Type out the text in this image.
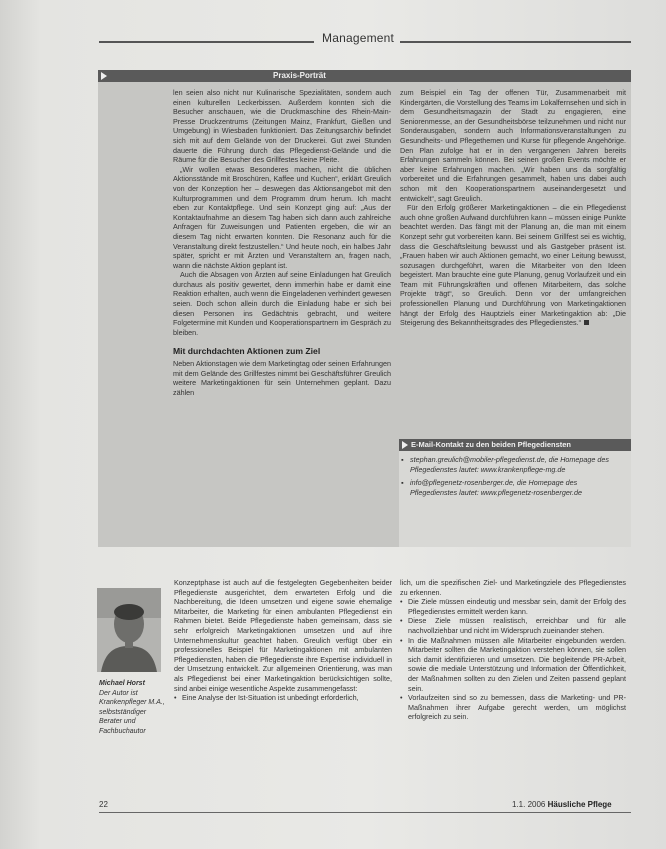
Management
Praxis-Porträt

len seien also nicht nur Kulinarische Spezialitäten, sondern auch einen kulturellen Leckerbissen. Außerdem konnten sich die Besucher anschauen, wie die Druckmaschine des Rhein-Main-Presse Druckzentrums (Zeitungen Mainz, Frankfurt, Gießen und Umgebung) in Wiesbaden funktioniert. Das Zeitungsarchiv befindet sich mit auf dem Gelände von der Druckerei. Gut zwei Stunden dauerte die Führung durch das Pflegedienst-Gelände und die Räume für die Besucher des Grillfestes keine Pleite.

„Wir wollen etwas Besonderes machen, nicht die üblichen Aktionsstände mit Broschüren, Kaffee und Kuchen“, erklärt Greulich von der Konzeption her – deswegen das Aktionsangebot mit den Kulturprogrammen und dem Programm drum herum. Ich macht eben zur Kontaktpflege. Und sein Konzept ging auf: „Aus der Kontaktaufnahme an diesem Tag haben sich dann auch zahlreiche Anfragen für Zuweisungen und Patienten ergeben, die wir an diesem Tag nicht erwarten konnten. Die Resonanz auch für die Veranstaltung direkt festzustellen.“ Und heute noch, ein halbes Jahr später, spricht er mit Ärzten und Veranstaltern an, fragen nach, wann die nächste Aktion geplant ist.

Auch die Absagen von Ärzten auf seine Einladungen hat Greulich durchaus als positiv gewertet, denn immerhin habe er damit eine Reaktion erhalten, auch wenn die Eingeladenen verhindert gewesen seien. Doch schon allein durch die Einladung habe er sich bei diesen Personen ins Gedächtnis gebracht, und weitere Folgetermine mit Kunden und Kooperationspartnern im Gespräch zu bleiben.

Mit durchdachten Aktionen zum Ziel

Neben Aktionstagen wie dem Marketingtag oder seinen Erfahrungen mit dem Gelände des Grillfestes nimmt bei Geschäftsführer Greulich weitere Marketingaktionen für sein Unternehmen geplant. Dazu zählen

zum Beispiel ein Tag der offenen Tür, Zusammenarbeit mit Kindergärten, die Vorstellung des Teams im Lokalfernsehen und sich in dem Gesundheitsmagazin der Stadt zu engagieren, eine Seniorenmesse, an der Gesundheitsbörse teilzunehmen und nicht nur Sonderausgaben, sondern auch Informationsveranstaltungen zu Gesundheits- und Pflegethemen und Kurse für pflegende Angehörige. Den Plan zufolge hat er in den vergangenen Jahren bereits Erfahrungen sammeln können. Bei seinen großen Events möchte er aber keine Erfahrungen machen. „Wir haben uns da sorgfältig vorbereitet und die Erfahrungen gesammelt, haben uns dabei auch schon mit den Kooperationspartnern auseinandergesetzt und entwickelt“, sagt Greulich.

Für den Erfolg größerer Marketingaktionen – die ein Pflegedienst auch ohne großen Aufwand durchführen kann – müssen einige Punkte beachtet werden. Das fängt mit der Planung an, die man mit einem Konzept sehr gut vorbereiten kann. Bei seinem Grillfest sei es wichtig, dass die Geschäftsleitung bewusst und als Gastgeber präsent ist. „Frauen haben wir auch Aktionen gemacht, wo einer Leitung bewusst, sozusagen durchgeführt, waren die Mitarbeiter von den Ideen begeistert. Man brauchte eine gute Planung, genug Vorlaufzeit und ein Team mit Führungskräften und offenen Mitarbeitern, das solche Projekte trägt“, so Greulich. Denn vor der umfangreichen professionellen Planung und Durchführung von Marketingaktionen hängt der Erfolg des Hauptziels einer Marketingaktion ab: „Die Steigerung des Bekanntheitsgrades des Pflegedienstes.“

E-Mail-Kontakt zu den beiden Pflegediensten
▪ stephan.greulich@mobiler-pflegedienst.de, die Homepage des Pflegedienstes lautet: www.krankenpflege-mg.de
▪ info@pflegenetz-rosenberger.de, die Homepage des Pflegedienstes lautet: www.pflegenetz-rosenberger.de
Michael Horst
Der Autor ist Krankenpfleger M.A., selbstständiger Berater und Fachbuchautor
Konzeptphase ist auch auf die festgelegten Gegebenheiten beider Pflegedienste ausgerichtet, dem erwarteten Erfolg und die Nachbereitung, die Ideen umsetzen und eigene sowie ehemalige Mitarbeiter, die Marketing für einen ambulanten Pflegedienst ein Rahmen bietet. Beide Pflegedienste haben gemeinsam, dass sie sehr erfolgreich Marketingaktionen umsetzen und auf ihre Unternehmenskultur geachtet haben. Greulich verfügt über ein professionelles Beispiel für Marketingaktionen mit ambulanten Pflegediensten, haben die Pflegedienste ihre Expertise individuell in der Umsetzung entwickelt. Zur allgemeinen Orientierung, was man als Pflegedienst bei einer Marketingaktion berücksichtigen sollte, sind anbei einige wesentliche Aspekte zusammengefasst:
• Eine Analyse der Ist-Situation ist unbedingt erforderlich,
lich, um die spezifischen Ziel- und Marketingziele des Pflegedienstes zu erkennen.
• Die Ziele müssen eindeutig und messbar sein, damit der Erfolg des Pflegedienstes ermittelt werden kann.
• Diese Ziele müssen realistisch, erreichbar und für alle nachvollziehbar und nicht im Widerspruch zueinander stehen.
• In die Maßnahmen müssen alle Mitarbeiter eingebunden werden. Mitarbeiter sollten die Marketingaktion verstehen können, sie sollen sich damit identifizieren und umsetzen. Die begleitende PR-Arbeit, sowie die mediale Unterstützung und Information der Öffentlichkeit, der Maßnahmen sollten zu den Zielen und Zeiten passend geplant sein.
• Vorlaufzeiten sind so zu bemessen, dass die Marketing- und PR-Maßnahmen ihrer Aufgabe gerecht werden, um möglichst erfolgreich zu sein.
22	1.1. 2006 Häusliche Pflege
